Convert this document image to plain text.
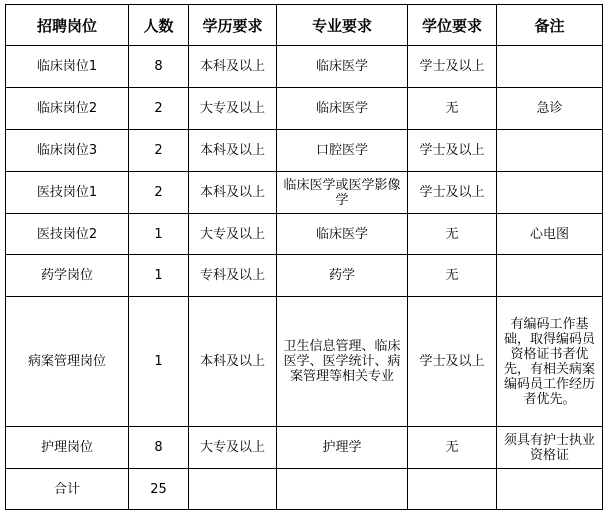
招聘岗位	人数	学历要求	专业要求	学位要求	备注
临床岗位1	8	本科及以上	临床医学	学士及以上	
临床岗位2	2	大专及以上	临床医学	无	急诊
临床岗位3	2	本科及以上	口腔医学	学士及以上	
医技岗位1	2	本科及以上	临床医学或医学影像学	学士及以上	
医技岗位2	1	大专及以上	临床医学	无	心电图
药学岗位	1	专科及以上	药学	无	
病案管理岗位	1	本科及以上	卫生信息管理、临床医学、医学统计、病案管理等相关专业	学士及以上	有编码工作基础，取得编码员资格证书者优先，有相关病案编码员工作经历者优先。
护理岗位	8	大专及以上	护理学	无	须具有护士执业资格证
合计	25				
